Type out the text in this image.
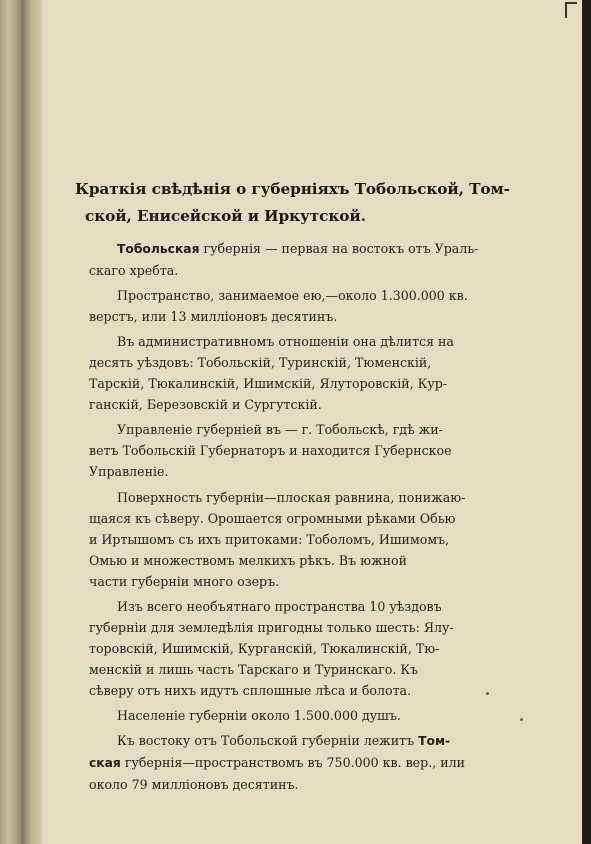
Краткія свѣдѣнія о губерніяхъ Тобольской, Том-
ской, Енисейской и Иркутской.
Тобольская губернія — первая на востокъ отъ Ураль-
скаго хребта.
Пространство, занимаемое ею,—около 1.300.000 кв.
верстъ, или 13 милліоновъ десятинъ.
Въ административномъ отношеніи она дѣлится на
десять уѣздовъ: Тобольскій, Туринскій, Тюменскій,
Тарскій, Тюкалинскій, Ишимскій, Ялуторовскій, Кур-
ганскій, Березовскій и Сургутскій.
Управленіе губерніей въ — г. Тобольскѣ, гдѣ жи-
ветъ Тобольскій Губернаторъ и находится Губернское
Управленіе.
Поверхность губерніи—плоская равнина, понижаю-
щаяся къ сѣверу. Орошается огромными рѣками Обью
и Иртышомъ съ ихъ притоками: Тоболомъ, Ишимомъ,
Омью и множествомъ мелкихъ рѣкъ. Въ южной
части губерніи много озеръ.
Изъ всего необъятнаго пространства 10 уѣздовъ
губерніи для земледѣлія пригодны только шесть: Ялу-
торовскій, Ишимскій, Курганскій, Тюкалинскій, Тю-
менскій и лишь часть Тарскаго и Туринскаго. Къ
сѣверу отъ нихъ идутъ сплошные лѣса и болота.
Населеніе губерніи около 1.500.000 душъ.
Къ востоку отъ Тобольской губерніи лежитъ Том-
ская губернія—пространствомъ въ 750.000 кв. вер., или
около 79 милліоновъ десятинъ.
